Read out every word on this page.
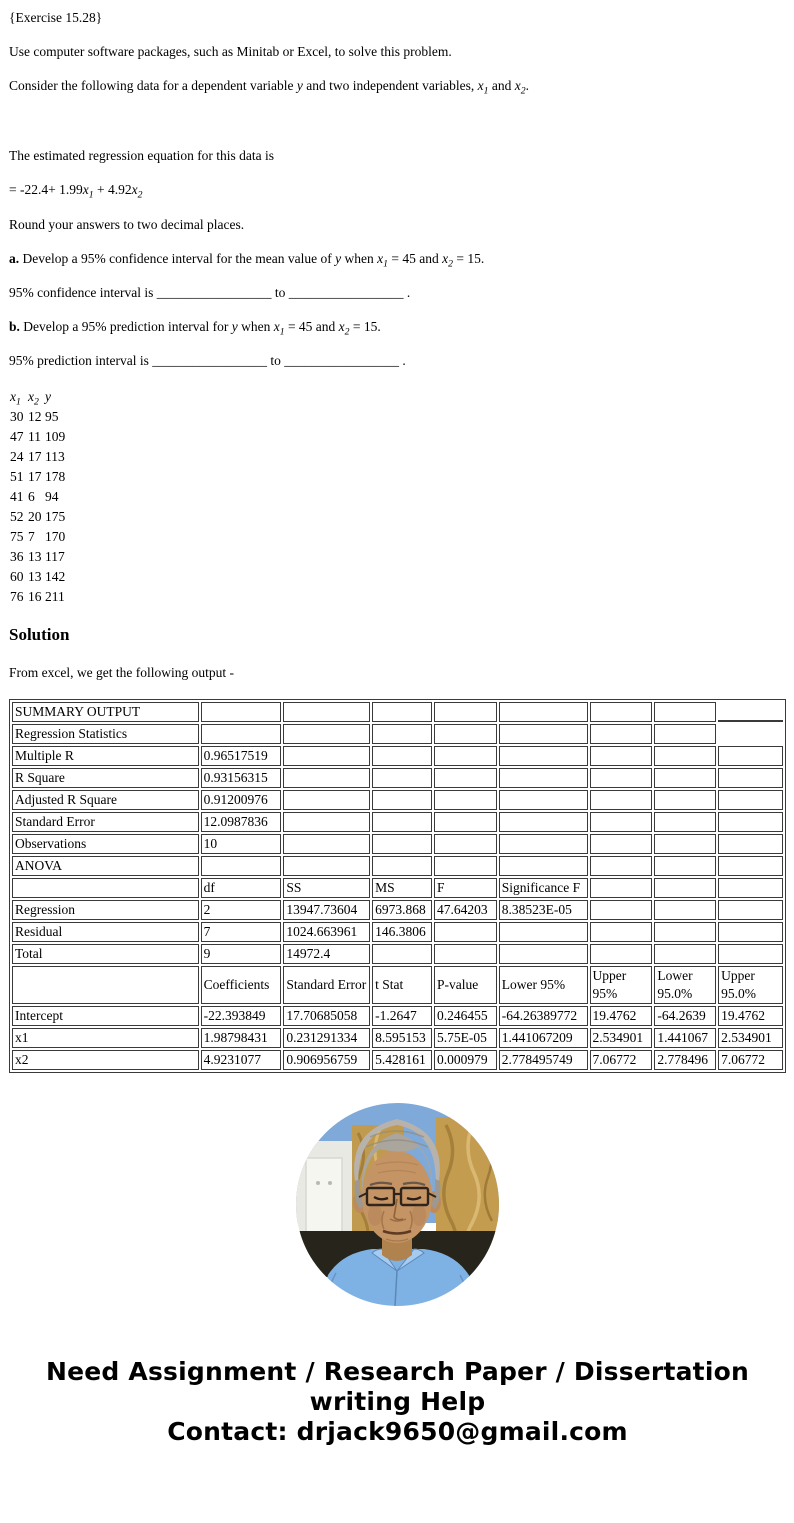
{Exercise 15.28}

Use computer software packages, such as Minitab or Excel, to solve this problem.

Consider the following data for a dependent variable y and two independent variables, $x_1$ and $x_2$.

The estimated regression equation for this data is

= $-22.4+ 1.99x_1 + 4.92x_2$

Round your answers to two decimal places.

a. Develop a 95% confidence interval for the mean value of y when $x_1 = 45$ and $x_2 = 15$.

95% confidence interval is _________________ to _________________ .

b. Develop a 95% prediction interval for y when $x_1 = 45$ and $x_2 = 15$.

95% prediction interval is _________________ to _________________ .

$x_1$	$x_2$	y
30	12	95
47	11	109
24	17	113
51	17	178
41	6	94
52	20	175
75	7	170
36	13	117
60	13	142
76	16	211
Solution

From excel, we get the following output -

SUMMARY OUTPUT								
Regression Statistics								
Multiple R	0.96517519							
R Square	0.93156315							
Adjusted R Square	0.91200976							
Standard Error	12.0987836							
Observations	10							
ANOVA								
	df	SS	MS	F	Significance F			
Regression	2	13947.73604	6973.868	47.64203	8.38523E-05			
Residual	7	1024.663961	146.3806					
Total	9	14972.4						
	Coefficients	Standard Error	t Stat	P-value	Lower 95%	Upper 95%	Lower 95.0%	Upper 95.0%
Intercept	-22.393849	17.70685058	-1.2647	0.246455	-64.26389772	19.4762	-64.2639	19.4762
x1	1.98798431	0.231291334	8.595153	5.75E-05	1.441067209	2.534901	1.441067	2.534901
x2	4.9231077	0.906956759	5.428161	0.000979	2.778495749	7.06772	2.778496	7.06772
Need Assignment / Research Paper / Dissertation
writing Help
Contact: drjack9650@gmail.com
